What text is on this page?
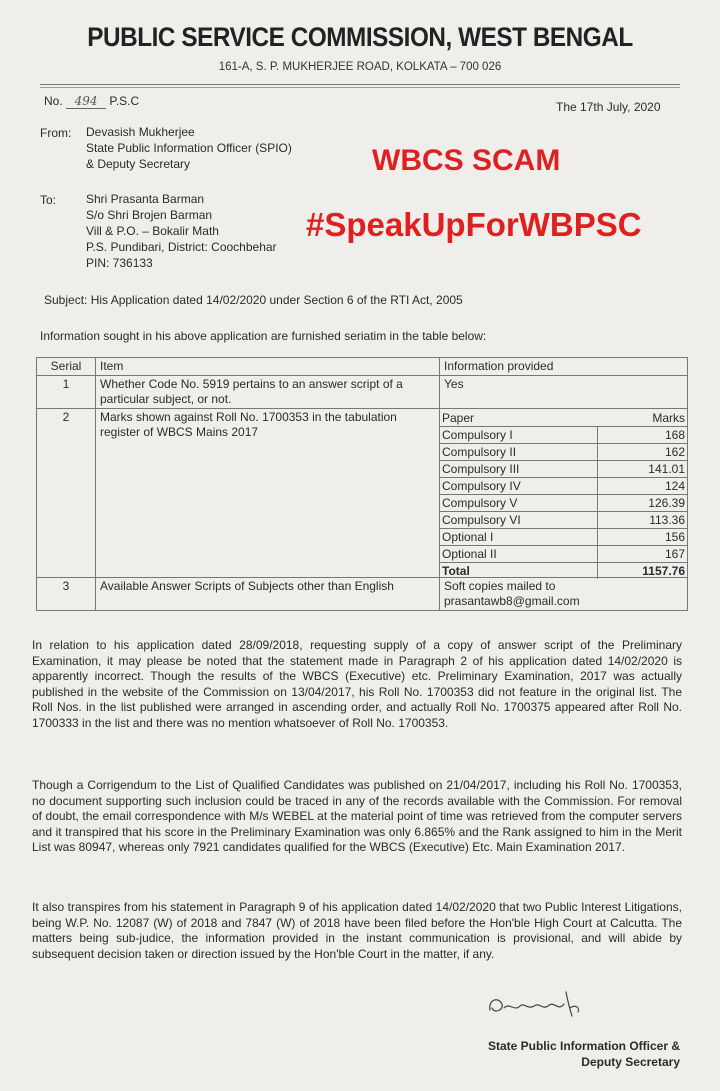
PUBLIC SERVICE COMMISSION, WEST BENGAL
161-A, S. P. MUKHERJEE ROAD, KOLKATA – 700 026
No. 494 P.S.C	The 17th July, 2020
From: Devasish Mukherjee
State Public Information Officer (SPIO)
& Deputy Secretary
To: Shri Prasanta Barman
S/o Shri Brojen Barman
Vill & P.O. – Bokalir Math
P.S. Pundibari, District: Coochbehar
PIN: 736133
WBCS SCAM
#SpeakUpForWBPSC
Subject: His Application dated 14/02/2020 under Section 6 of the RTI Act, 2005
Information sought in his above application are furnished seriatim in the table below:
Serial	Item	Information provided
1	Whether Code No. 5919 pertains to an answer script of a particular subject, or not.	Yes
2	Marks shown against Roll No. 1700353 in the tabulation register of WBCS Mains 2017	
Paper	Marks
Compulsory I	168
Compulsory II	162
Compulsory III	141.01
Compulsory IV	124
Compulsory V	126.39
Compulsory VI	113.36
Optional I	156
Optional II	167
Total	1157.76

3	Available Answer Scripts of Subjects other than English	Soft copies mailed to prasantawb8@gmail.com
In relation to his application dated 28/09/2018, requesting supply of a copy of answer script of the Preliminary Examination, it may please be noted that the statement made in Paragraph 2 of his application dated 14/02/2020 is apparently incorrect. Though the results of the WBCS (Executive) etc. Preliminary Examination, 2017 was actually published in the website of the Commission on 13/04/2017, his Roll No. 1700353 did not feature in the original list. The Roll Nos. in the list published were arranged in ascending order, and actually Roll No. 1700375 appeared after Roll No. 1700333 in the list and there was no mention whatsoever of Roll No. 1700353.
Though a Corrigendum to the List of Qualified Candidates was published on 21/04/2017, including his Roll No. 1700353, no document supporting such inclusion could be traced in any of the records available with the Commission. For removal of doubt, the email correspondence with M/s WEBEL at the material point of time was retrieved from the computer servers and it transpired that his score in the Preliminary Examination was only 6.865% and the Rank assigned to him in the Merit List was 80947, whereas only 7921 candidates qualified for the WBCS (Executive) Etc. Main Examination 2017.
It also transpires from his statement in Paragraph 9 of his application dated 14/02/2020 that two Public Interest Litigations, being W.P. No. 12087 (W) of 2018 and 7847 (W) of 2018 have been filed before the Hon'ble High Court at Calcutta. The matters being sub-judice, the information provided in the instant communication is provisional, and will abide by subsequent decision taken or direction issued by the Hon'ble Court in the matter, if any.
State Public Information Officer &
Deputy Secretary
